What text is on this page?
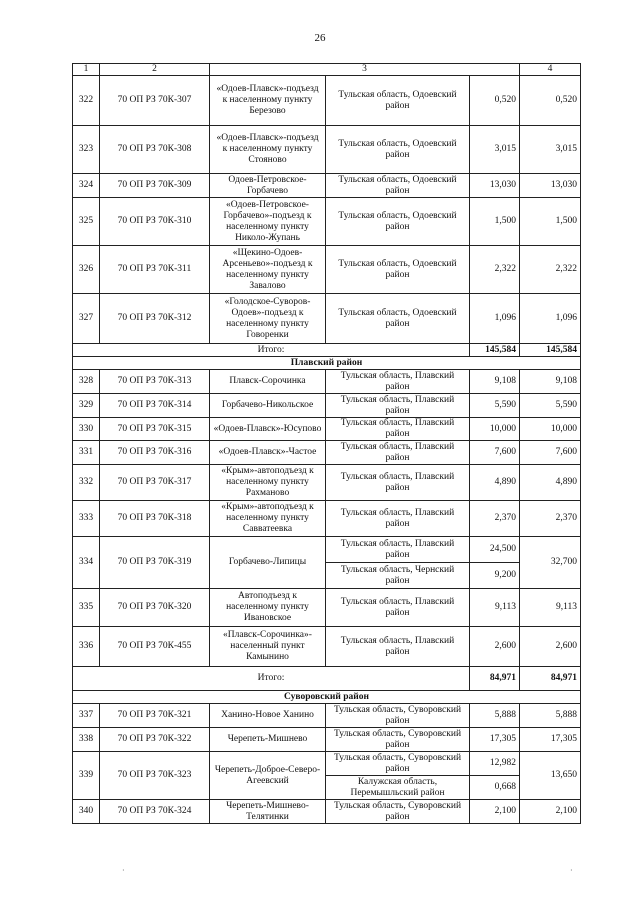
26
1	2	3			4
322	70 ОП РЗ 70К-307	«Одоев-Плавск»-подъезд к населенному пункту Березово	Тульская область, Одоевский район	0,520	0,520
323	70 ОП РЗ 70К-308	«Одоев-Плавск»-подъезд к населенному пункту Стояново	Тульская область, Одоевский район	3,015	3,015
324	70 ОП РЗ 70К-309	Одоев-Петровское-Горбачево	Тульская область, Одоевский район	13,030	13,030
325	70 ОП РЗ 70К-310	«Одоев-Петровское-Горбачево»-подъезд к населенному пункту Николо-Жупань	Тульская область, Одоевский район	1,500	1,500
326	70 ОП РЗ 70К-311	«Щекино-Одоев-Арсеньево»-подъезд к населенному пункту Завалово	Тульская область, Одоевский район	2,322	2,322
327	70 ОП РЗ 70К-312	«Голодское-Суворов-Одоев»-подъезд к населенному пункту Говоренки	Тульская область, Одоевский район	1,096	1,096
Итого:				145,584	145,584
Плавский район					
328	70 ОП РЗ 70К-313	Плавск-Сорочинка	Тульская область, Плавский район	9,108	9,108
329	70 ОП РЗ 70К-314	Горбачево-Никольское	Тульская область, Плавский район	5,590	5,590
330	70 ОП РЗ 70К-315	«Одоев-Плавск»-Юсупово	Тульская область, Плавский район	10,000	10,000
331	70 ОП РЗ 70К-316	«Одоев-Плавск»-Частое	Тульская область, Плавский район	7,600	7,600
332	70 ОП РЗ 70К-317	«Крым»-автоподъезд к населенному пункту Рахманово	Тульская область, Плавский район	4,890	4,890
333	70 ОП РЗ 70К-318	«Крым»-автоподъезд к населенному пункту Савватеевка	Тульская область, Плавский район	2,370	2,370
334	70 ОП РЗ 70К-319	Горбачево-Липицы	Тульская область, Плавский район	24,500	32,700
			Тульская область, Чернский район	9,200	
335	70 ОП РЗ 70К-320	Автоподъезд к населенному пункту Ивановское	Тульская область, Плавский район	9,113	9,113
336	70 ОП РЗ 70К-455	«Плавск-Сорочинка»-населенный пункт Камынино	Тульская область, Плавский район	2,600	2,600
Итого:				84,971	84,971
Суворовский район					
337	70 ОП РЗ 70К-321	Ханино-Новое Ханино	Тульская область, Суворовский район	5,888	5,888
338	70 ОП РЗ 70К-322	Черепеть-Мишнево	Тульская область, Суворовский район	17,305	17,305
339	70 ОП РЗ 70К-323	Черепеть-Доброе-Северо-Агеевский	Тульская область, Суворовский район	12,982	13,650
			Калужская область, Перемышльский район	0,668	
340	70 ОП РЗ 70К-324	Черепеть-Мишнево-Телятинки	Тульская область, Суворовский район	2,100	2,100
·	·
